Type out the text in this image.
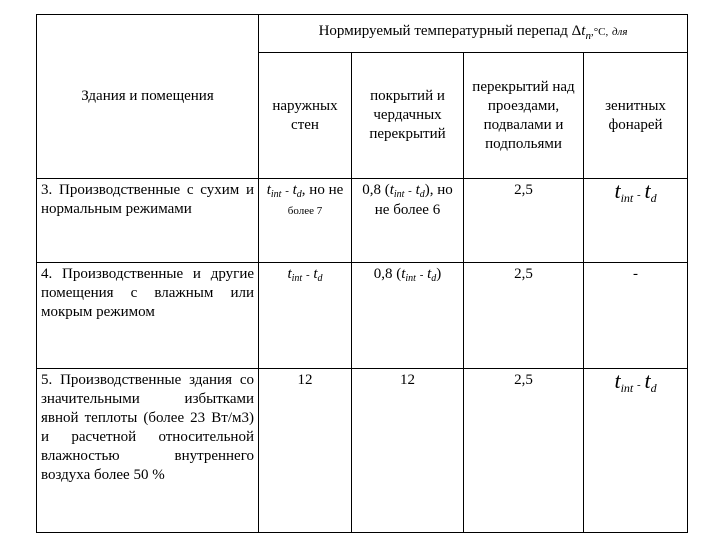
Здания и помещения	Нормируемый температурный перепад $\Delta t_n,^\circ С$, для			
	наружных стен	покрытий и чердачных перекрытий	перекрытий над проездами, подвалами и подпольями	зенитных фонарей
3. Производственные с сухим и нормальным режимами	$t_{int} - t_d$, но не более 7	0,8 $(t_{int} - t_d)$, но не более 6	2,5	$t_{int} - t_d$
4. Производственные и другие помещения с влажным или мокрым режимом	$t_{int} - t_d$	0,8 $(t_{int} - t_d)$	2,5	-
5. Производственные здания со значительными избытками явной теплоты (более 23 Вт/м3) и расчетной относительной влажностью внутреннего воздуха более 50 %	12	12	2,5	$t_{int} - t_d$
